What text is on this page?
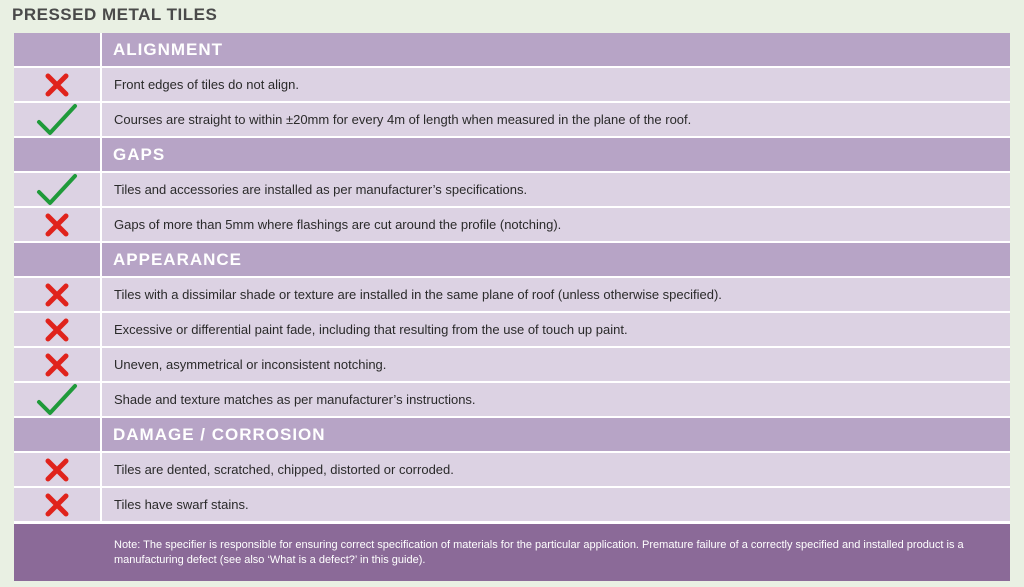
PRESSED METAL TILES
ALIGNMENT
Front edges of tiles do not align.
Courses are straight to within ±20mm for every 4m of length when measured in the plane of the roof.
GAPS
Tiles and accessories are installed as per manufacturer’s specifications.
Gaps of more than 5mm where flashings are cut around the profile (notching).
APPEARANCE
Tiles with a dissimilar shade or texture are installed in the same plane of roof (unless otherwise specified).
Excessive or differential paint fade, including that resulting from the use of touch up paint.
Uneven, asymmetrical or inconsistent notching.
Shade and texture matches as per manufacturer’s instructions.
DAMAGE / CORROSION
Tiles are dented, scratched, chipped, distorted or corroded.
Tiles have swarf stains.
Note: The specifier is responsible for ensuring correct specification of materials for the particular application. Premature failure of a correctly specified and installed product is a manufacturing defect (see also ‘What is a defect?’ in this guide).
